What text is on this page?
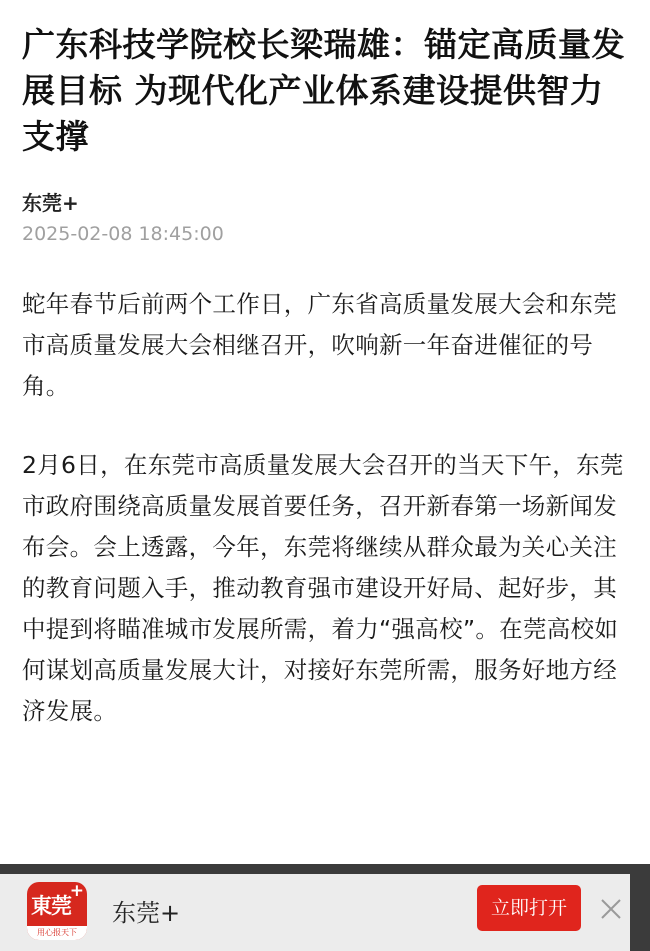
广东科技学院校长梁瑞雄：锚定高质量发展目标 为现代化产业体系建设提供智力支撑
东莞+
2025-02-08 18:45:00

蛇年春节后前两个工作日，广东省高质量发展大会和东莞市高质量发展大会相继召开，吹响新一年奋进催征的号角。

2月6日，在东莞市高质量发展大会召开的当天下午，东莞市政府围绕高质量发展首要任务，召开新春第一场新闻发布会。会上透露，今年，东莞将继续从群众最为关心关注的教育问题入手，推动教育强市建设开好局、起好步，其中提到将瞄准城市发展所需，着力“强高校”。在莞高校如何谋划高质量发展大计，对接好东莞所需，服务好地方经济发展。

東莞
+
用心报天下
东莞+	立即打开
